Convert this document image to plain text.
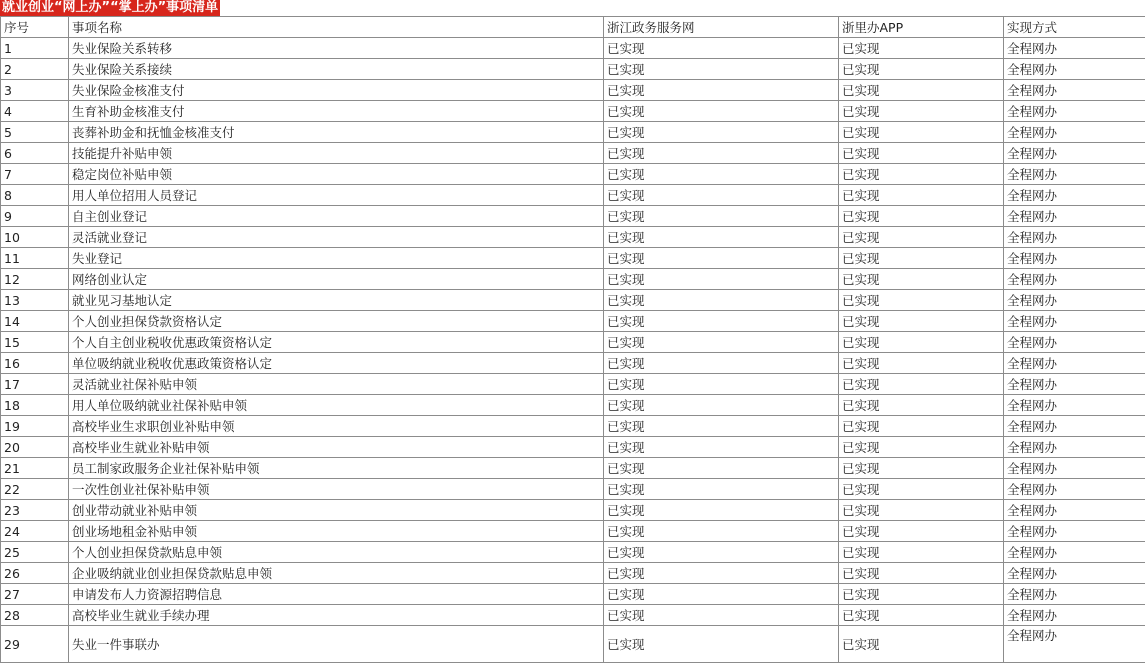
就业创业“网上办”“掌上办”事项清单
序号	事项名称	浙江政务服务网	浙里办APP	实现方式
1	失业保险关系转移	已实现	已实现	全程网办
2	失业保险关系接续	已实现	已实现	全程网办
3	失业保险金核准支付	已实现	已实现	全程网办
4	生育补助金核准支付	已实现	已实现	全程网办
5	丧葬补助金和抚恤金核准支付	已实现	已实现	全程网办
6	技能提升补贴申领	已实现	已实现	全程网办
7	稳定岗位补贴申领	已实现	已实现	全程网办
8	用人单位招用人员登记	已实现	已实现	全程网办
9	自主创业登记	已实现	已实现	全程网办
10	灵活就业登记	已实现	已实现	全程网办
11	失业登记	已实现	已实现	全程网办
12	网络创业认定	已实现	已实现	全程网办
13	就业见习基地认定	已实现	已实现	全程网办
14	个人创业担保贷款资格认定	已实现	已实现	全程网办
15	个人自主创业税收优惠政策资格认定	已实现	已实现	全程网办
16	单位吸纳就业税收优惠政策资格认定	已实现	已实现	全程网办
17	灵活就业社保补贴申领	已实现	已实现	全程网办
18	用人单位吸纳就业社保补贴申领	已实现	已实现	全程网办
19	高校毕业生求职创业补贴申领	已实现	已实现	全程网办
20	高校毕业生就业补贴申领	已实现	已实现	全程网办
21	员工制家政服务企业社保补贴申领	已实现	已实现	全程网办
22	一次性创业社保补贴申领	已实现	已实现	全程网办
23	创业带动就业补贴申领	已实现	已实现	全程网办
24	创业场地租金补贴申领	已实现	已实现	全程网办
25	个人创业担保贷款贴息申领	已实现	已实现	全程网办
26	企业吸纳就业创业担保贷款贴息申领	已实现	已实现	全程网办
27	申请发布人力资源招聘信息	已实现	已实现	全程网办
28	高校毕业生就业手续办理	已实现	已实现	全程网办
29	失业一件事联办	已实现	已实现	全程网办
